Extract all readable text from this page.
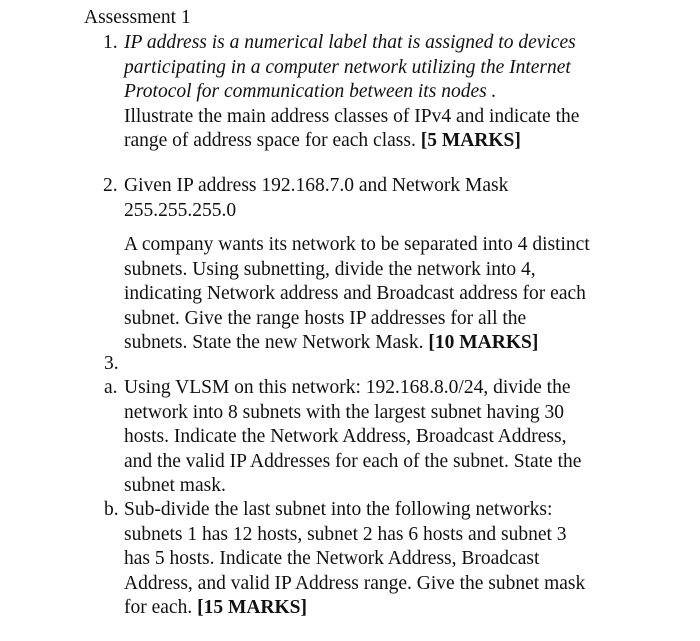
Assessment 1
1. IP address is a numerical label that is assigned to devices
participating in a computer network utilizing the Internet
Protocol for communication between its nodes .
Illustrate the main address classes of IPv4 and indicate the
range of address space for each class. [5 MARKS]
2. Given IP address 192.168.7.0 and Network Mask
255.255.255.0
A company wants its network to be separated into 4 distinct
subnets. Using subnetting, divide the network into 4,
indicating Network address and Broadcast address for each
subnet. Give the range hosts IP addresses for all the
subnets. State the new Network Mask. [10 MARKS]
3.
a. Using VLSM on this network: 192.168.8.0/24, divide the
network into 8 subnets with the largest subnet having 30
hosts. Indicate the Network Address, Broadcast Address,
and the valid IP Addresses for each of the subnet. State the
subnet mask.
b. Sub-divide the last subnet into the following networks:
subnets 1 has 12 hosts, subnet 2 has 6 hosts and subnet 3
has 5 hosts. Indicate the Network Address, Broadcast
Address, and valid IP Address range. Give the subnet mask
for each. [15 MARKS]
